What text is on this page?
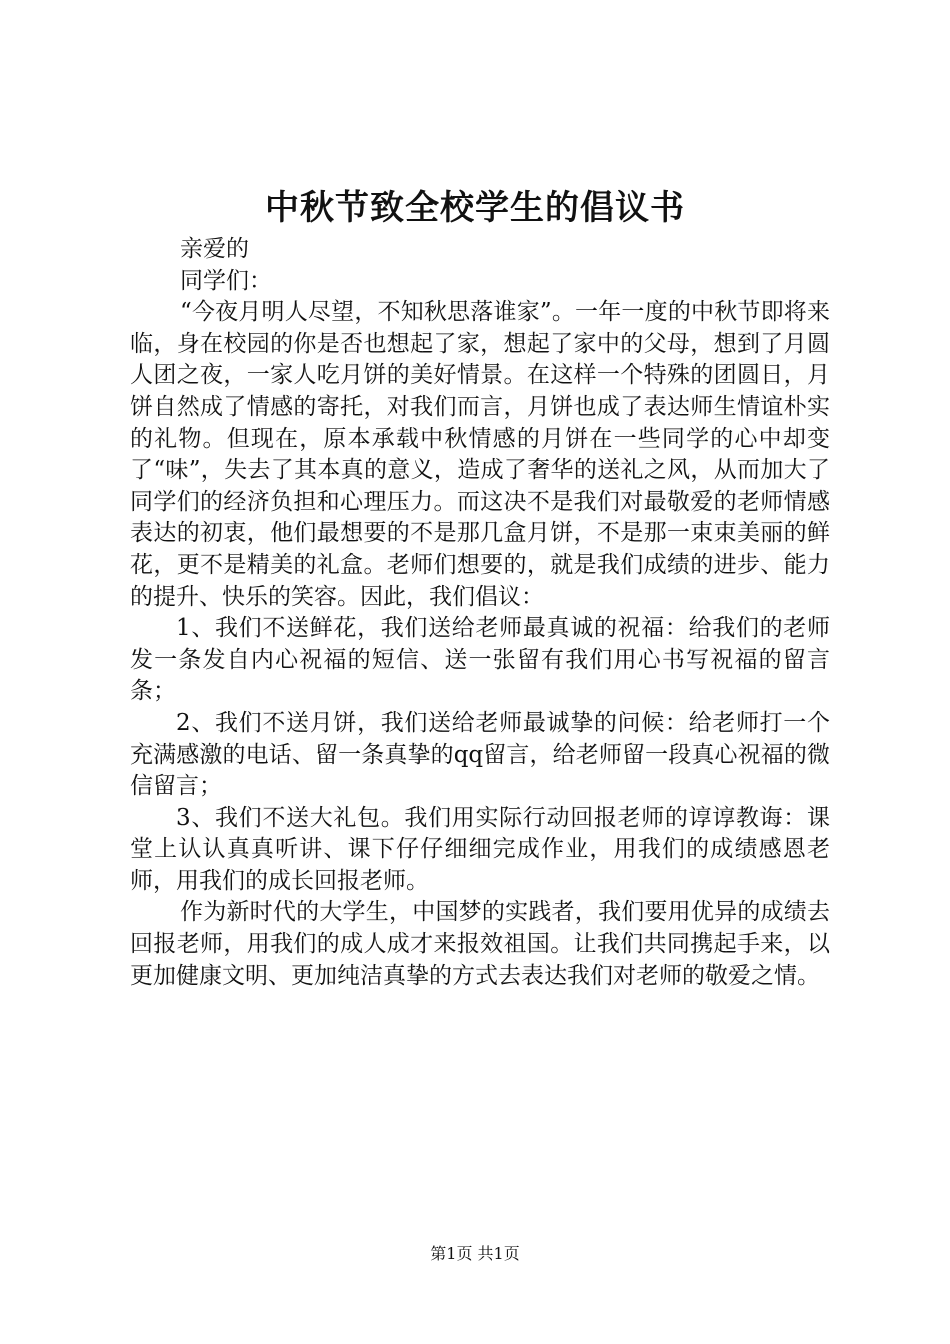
中秋节致全校学生的倡议书

亲爱的

同学们：

“今夜月明人尽望，不知秋思落谁家”。一年一度的中秋节即将来临，身在校园的你是否也想起了家，想起了家中的父母，想到了月圆人团之夜，一家人吃月饼的美好情景。在这样一个特殊的团圆日，月饼自然成了情感的寄托，对我们而言，月饼也成了表达师生情谊朴实的礼物。但现在，原本承载中秋情感的月饼在一些同学的心中却变了“味”，失去了其本真的意义，造成了奢华的送礼之风，从而加大了同学们的经济负担和心理压力。而这决不是我们对最敬爱的老师情感表达的初衷，他们最想要的不是那几盒月饼，不是那一束束美丽的鲜花，更不是精美的礼盒。老师们想要的，就是我们成绩的进步、能力的提升、快乐的笑容。因此，我们倡议：

1、我们不送鲜花，我们送给老师最真诚的祝福：给我们的老师发一条发自内心祝福的短信、送一张留有我们用心书写祝福的留言条；

2、我们不送月饼，我们送给老师最诚挚的问候：给老师打一个充满感激的电话、留一条真挚的qq留言，给老师留一段真心祝福的微信留言；

3、我们不送大礼包。我们用实际行动回报老师的谆谆教诲：课堂上认认真真听讲、课下仔仔细细完成作业，用我们的成绩感恩老师，用我们的成长回报老师。

作为新时代的大学生，中国梦的实践者，我们要用优异的成绩去回报老师，用我们的成人成才来报效祖国。让我们共同携起手来，以更加健康文明、更加纯洁真挚的方式去表达我们对老师的敬爱之情。

第1页 共1页
